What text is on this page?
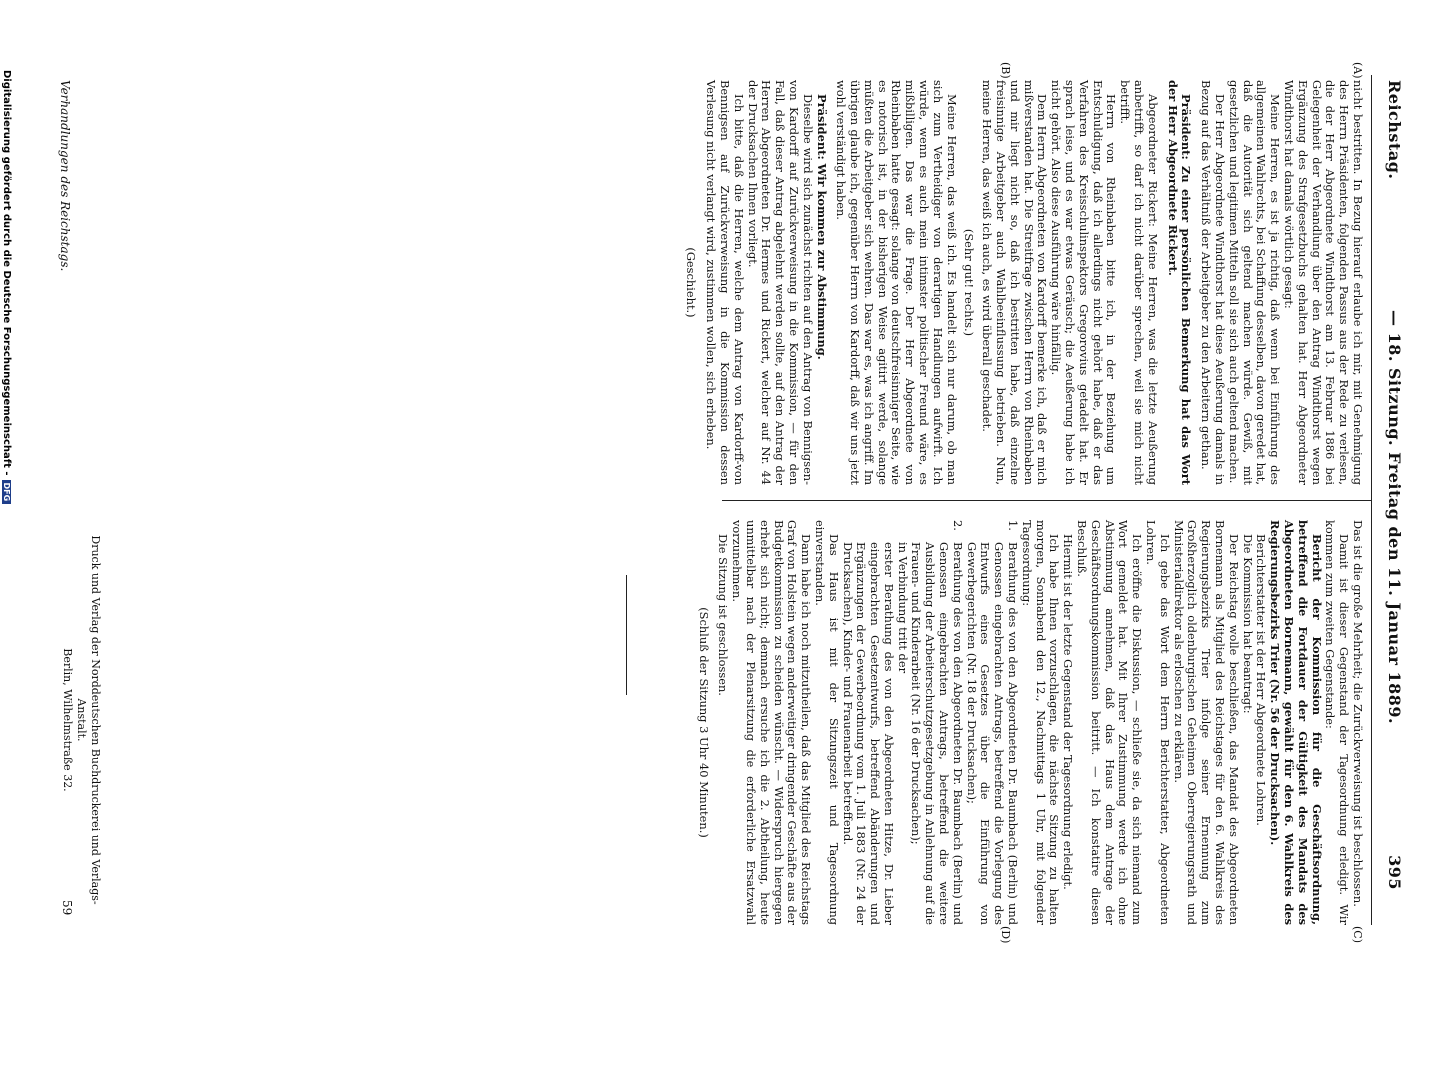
Reichstag.
— 18. Sitzung. Freitag den 11. Januar 1889.
395
(A)
(B)
(C)
(D)

nicht bestritten. In Bezug hierauf erlaube ich mir, mit Genehmigung des Herrn Präsidenten, folgenden Passus aus der Rede zu verlesen, die der Herr Abgeordnete Windthorst am 13. Februar 1886 bei Gelegenheit der Verhandlung über den Antrag Windthorst wegen Ergänzung des Strafgesetzbuchs gehalten hat. Herr Abgeordneter Windthorst hat damals wörtlich gesagt:

Meine Herren, es ist ja richtig, daß wenn bei Einführung des allgemeinen Wahlrechts, bei Schaffung desselben, davon geredet hat, daß die Autorität sich geltend machen würde. Gewiß, mit gesetzlichen und legitimen Mitteln soll sie sich auch geltend machen.

Der Herr Abgeordnete Windthorst hat diese Aeußerung damals in Bezug auf das Verhältniß der Arbeitgeber zu den Arbeitern gethan.

Präsident: Zu einer persönlichen Bemerkung hat das Wort der Herr Abgeordnete Rickert.

Abgeordneter Rickert: Meine Herren, was die letzte Aeußerung anbetrifft, so darf ich nicht darüber sprechen, weil sie mich nicht betrifft.

Herrn von Rheinbaben bitte ich, in der Beziehung um Entschuldigung, daß ich allerdings nicht gehört habe, daß er das Verfahren des Kreisschulinspektors Gregorovius getadelt hat. Er sprach leise, und es war etwas Geräusch; die Aeußerung habe ich nicht gehört. Also diese Ausführung wäre hinfällig.

Dem Herrn Abgeordneten von Kardorff bemerke ich, daß er mich mißverstanden hat. Die Streitfrage zwischen Herrn von Rheinbaben und mir liegt nicht so, daß ich bestritten habe, daß einzelne freisinnige Arbeitgeber auch Wahlbeeinflussung betrieben. Nun, meine Herren, das weiß ich auch, es wird überall geschadet.

(Sehr gut! rechts.)

Meine Herren, das weiß ich. Es handelt sich nur darum, ob man sich zum Vertheidiger von derartigen Handlungen aufwirft. Ich würde, wenn es auch mein intimster politischer Freund wäre, es mißbilligen. Das war die Frage. Der Herr Abgeordnete von Rheinbaben hatte gesagt: solange von deutschfreisinniger Seite, wie es notorisch ist, in der bisherigen Weise agitirt werde, solange müßten die Arbeitgeber sich wehren. Das war es, was ich angriff. Im übrigen glaube ich, gegenüber Herrn von Kardorff, daß wir uns jetzt wohl verständigt haben.

Präsident: Wir kommen zur Abstimmung.

Dieselbe wird sich zunächst richten auf den Antrag von Bennigsen-von Kardorff auf Zurückverweisung in die Kommission, — für den Fall, daß dieser Antrag abgelehnt werden sollte, auf den Antrag der Herren Abgeordneten Dr. Hermes und Rickert, welcher auf Nr. 44 der Drucksachen Ihnen vorliegt.

Ich bitte, daß die Herren, welche dem Antrag von Kardorff-von Bennigsen auf Zurückverweisung in die Kommission dessen Verlesung nicht verlangt wird, zustimmen wollen, sich erheben.

(Geschieht.)

Das ist die große Mehrheit; die Zurückverweisung ist beschlossen.

Damit ist dieser Gegenstand der Tagesordnung erledigt. Wir kommen zum zweiten Gegenstande:

Bericht der Kommission für die Geschäftsordnung, betreffend die Fortdauer der Gültigkeit des Mandats des Abgeordneten Bornemann, gewählt für den 6. Wahlkreis des Regierungsbezirks Trier (Nr. 56 der Drucksachen).

Berichterstatter ist der Herr Abgeordnete Lohren.

Die Kommission hat beantragt:

Der Reichstag wolle beschließen, das Mandat des Abgeordneten Bornemann als Mitglied des Reichstages für den 6. Wahlkreis des Regierungsbezirks Trier infolge seiner Ernennung zum Großherzoglich oldenburgischen Geheimen Oberregierungsrath und Ministerialdirektor als erloschen zu erklären.

Ich gebe das Wort dem Herrn Berichterstatter, Abgeordneten Lohren.

Ich eröffne die Diskussion, — schließe sie, da sich niemand zum Wort gemeldet hat. Mit Ihrer Zustimmung werde ich ohne Abstimmung annehmen, daß das Haus dem Antrage der Geschäftsordnungskommission beitritt. — Ich konstatire diesen Beschluß.

Hiermit ist der letzte Gegenstand der Tagesordnung erledigt.

Ich habe Ihnen vorzuschlagen, die nächste Sitzung zu halten morgen, Sonnabend den 12., Nachmittags 1 Uhr, mit folgender Tagesordnung:

1.Berathung des von den Abgeordneten Dr. Baumbach (Berlin) und Genossen eingebrachten Antrags, betreffend die Vorlegung des Entwurfs eines Gesetzes über die Einführung von Gewerbegerichten (Nr. 18 der Drucksachen);

2.Berathung des von den Abgeordneten Dr. Baumbach (Berlin) und Genossen eingebrachten Antrags, betreffend die weitere Ausbildung der Arbeiterschutzgesetzgebung in Anlehnung auf die Frauen- und Kinderarbeit (Nr. 16 der Drucksachen);

in Verbindung tritt der

erster Berathung des von den Abgeordneten Hitze, Dr. Lieber eingebrachten Gesetzentwurfs, betreffend Abänderungen und Ergänzungen der Gewerbeordnung vom 1. Juli 1883 (Nr. 24 der Drucksachen), Kinder- und Frauenarbeit betreffend.

Das Haus ist mit der Sitzungszeit und Tagesordnung einverstanden.

Dann habe ich noch mitzutheilen, daß das Mitglied des Reichstags Graf von Holstein wegen anderweitiger dringender Geschäfte aus der Budgetkommission zu scheiden wünscht. — Widerspruch hiergegen erhebt sich nicht; demnach ersuche ich die 2. Abtheilung, heute unmittelbar nach der Plenarsitzung die erforderliche Ersatzwahl vorzunehmen.

Die Sitzung ist geschlossen.

(Schluß der Sitzung 3 Uhr 40 Minuten.)

Verhandlungen des Reichstags.
Druck und Verlag der Norddeutschen Buchdruckerei und Verlags-Anstalt.
Berlin, Wilhelmstraße 32.
59
Digitalisierung gefördert durch die Deutsche Forschungsgemeinschaft -DFG
